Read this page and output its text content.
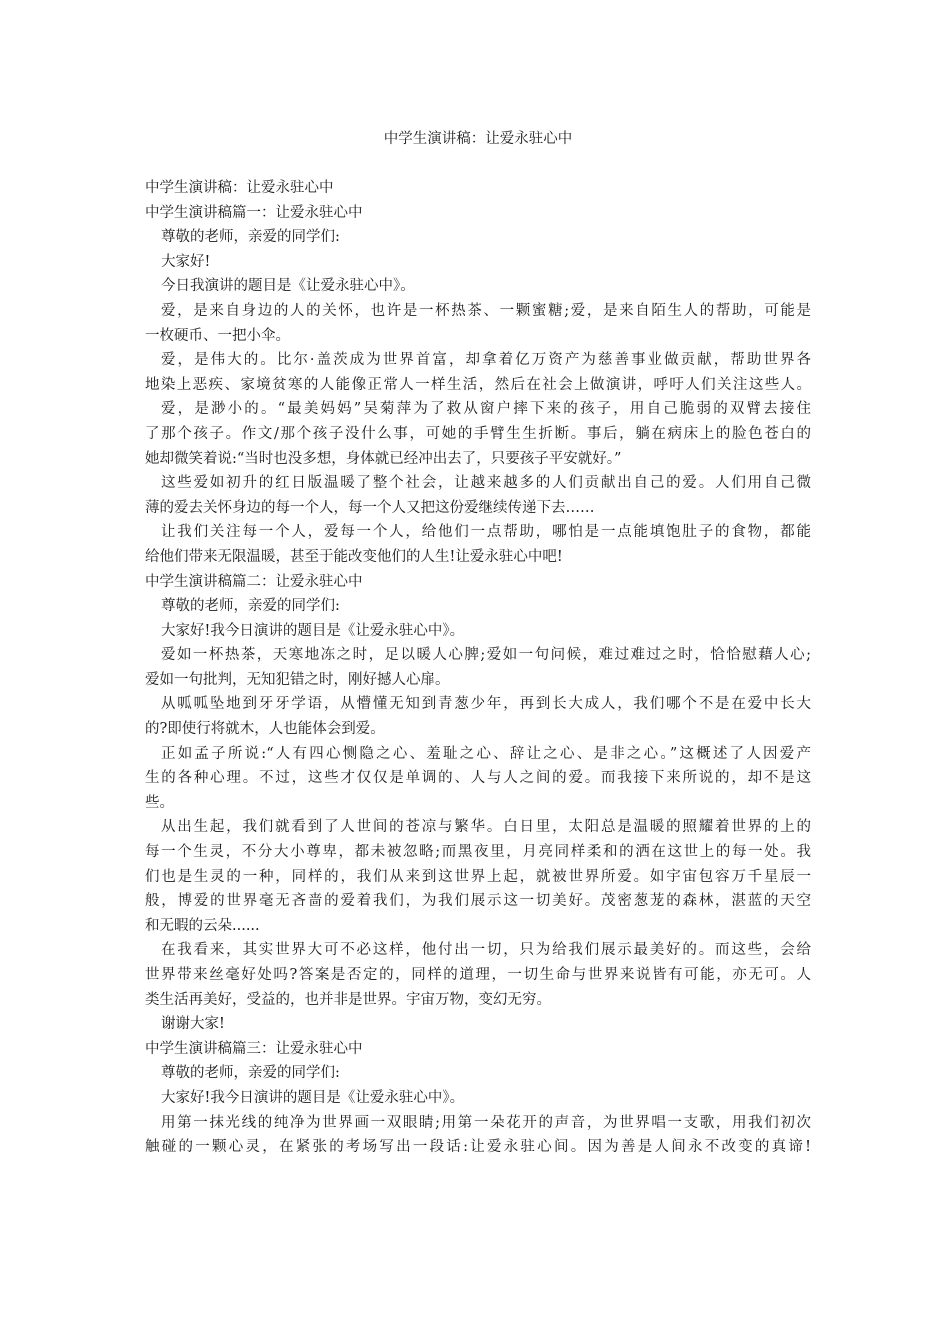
中学生演讲稿：让爱永驻心中
中学生演讲稿：让爱永驻心中
中学生演讲稿篇一：让爱永驻心中
尊敬的老师，亲爱的同学们:
大家好!
今日我演讲的题目是《让爱永驻心中》。
爱，是来自身边的人的关怀，也许是一杯热茶、一颗蜜糖;爱，是来自陌生人的帮助，可能是
一枚硬币、一把小伞。
爱，是伟大的。比尔·盖茨成为世界首富，却拿着亿万资产为慈善事业做贡献，帮助世界各
地染上恶疾、家境贫寒的人能像正常人一样生活，然后在社会上做演讲，呼吁人们关注这些人。
爱，是渺小的。“最美妈妈”吴菊萍为了救从窗户摔下来的孩子，用自己脆弱的双臂去接住
了那个孩子。作文/那个孩子没什么事，可她的手臂生生折断。事后，躺在病床上的脸色苍白的
她却微笑着说:“当时也没多想，身体就已经冲出去了，只要孩子平安就好。”
这些爱如初升的红日版温暖了整个社会，让越来越多的人们贡献出自己的爱。人们用自己微
薄的爱去关怀身边的每一个人，每一个人又把这份爱继续传递下去……
让我们关注每一个人，爱每一个人，给他们一点帮助，哪怕是一点能填饱肚子的食物，都能
给他们带来无限温暖，甚至于能改变他们的人生!让爱永驻心中吧!
中学生演讲稿篇二：让爱永驻心中
尊敬的老师，亲爱的同学们:
大家好!我今日演讲的题目是《让爱永驻心中》。
爱如一杯热茶，天寒地冻之时，足以暖人心脾;爱如一句问候，难过难过之时，恰恰慰藉人心;
爱如一句批判，无知犯错之时，刚好撼人心扉。
从呱呱坠地到牙牙学语，从懵懂无知到青葱少年，再到长大成人，我们哪个不是在爱中长大
的?即使行将就木，人也能体会到爱。
正如孟子所说:“人有四心恻隐之心、羞耻之心、辞让之心、是非之心。”这概述了人因爱产
生的各种心理。不过，这些才仅仅是单调的、人与人之间的爱。而我接下来所说的，却不是这
些。
从出生起，我们就看到了人世间的苍凉与繁华。白日里，太阳总是温暖的照耀着世界的上的
每一个生灵，不分大小尊卑，都未被忽略;而黑夜里，月亮同样柔和的洒在这世上的每一处。我
们也是生灵的一种，同样的，我们从来到这世界上起，就被世界所爱。如宇宙包容万千星辰一
般，博爱的世界毫无吝啬的爱着我们，为我们展示这一切美好。茂密葱茏的森林，湛蓝的天空
和无暇的云朵......
在我看来，其实世界大可不必这样，他付出一切，只为给我们展示最美好的。而这些，会给
世界带来丝毫好处吗?答案是否定的，同样的道理，一切生命与世界来说皆有可能，亦无可。人
类生活再美好，受益的，也并非是世界。宇宙万物，变幻无穷。
谢谢大家!
中学生演讲稿篇三：让爱永驻心中
尊敬的老师，亲爱的同学们:
大家好!我今日演讲的题目是《让爱永驻心中》。
用第一抹光线的纯净为世界画一双眼睛;用第一朵花开的声音，为世界唱一支歌，用我们初次
触碰的一颗心灵，在紧张的考场写出一段话:让爱永驻心间。因为善是人间永不改变的真谛!
